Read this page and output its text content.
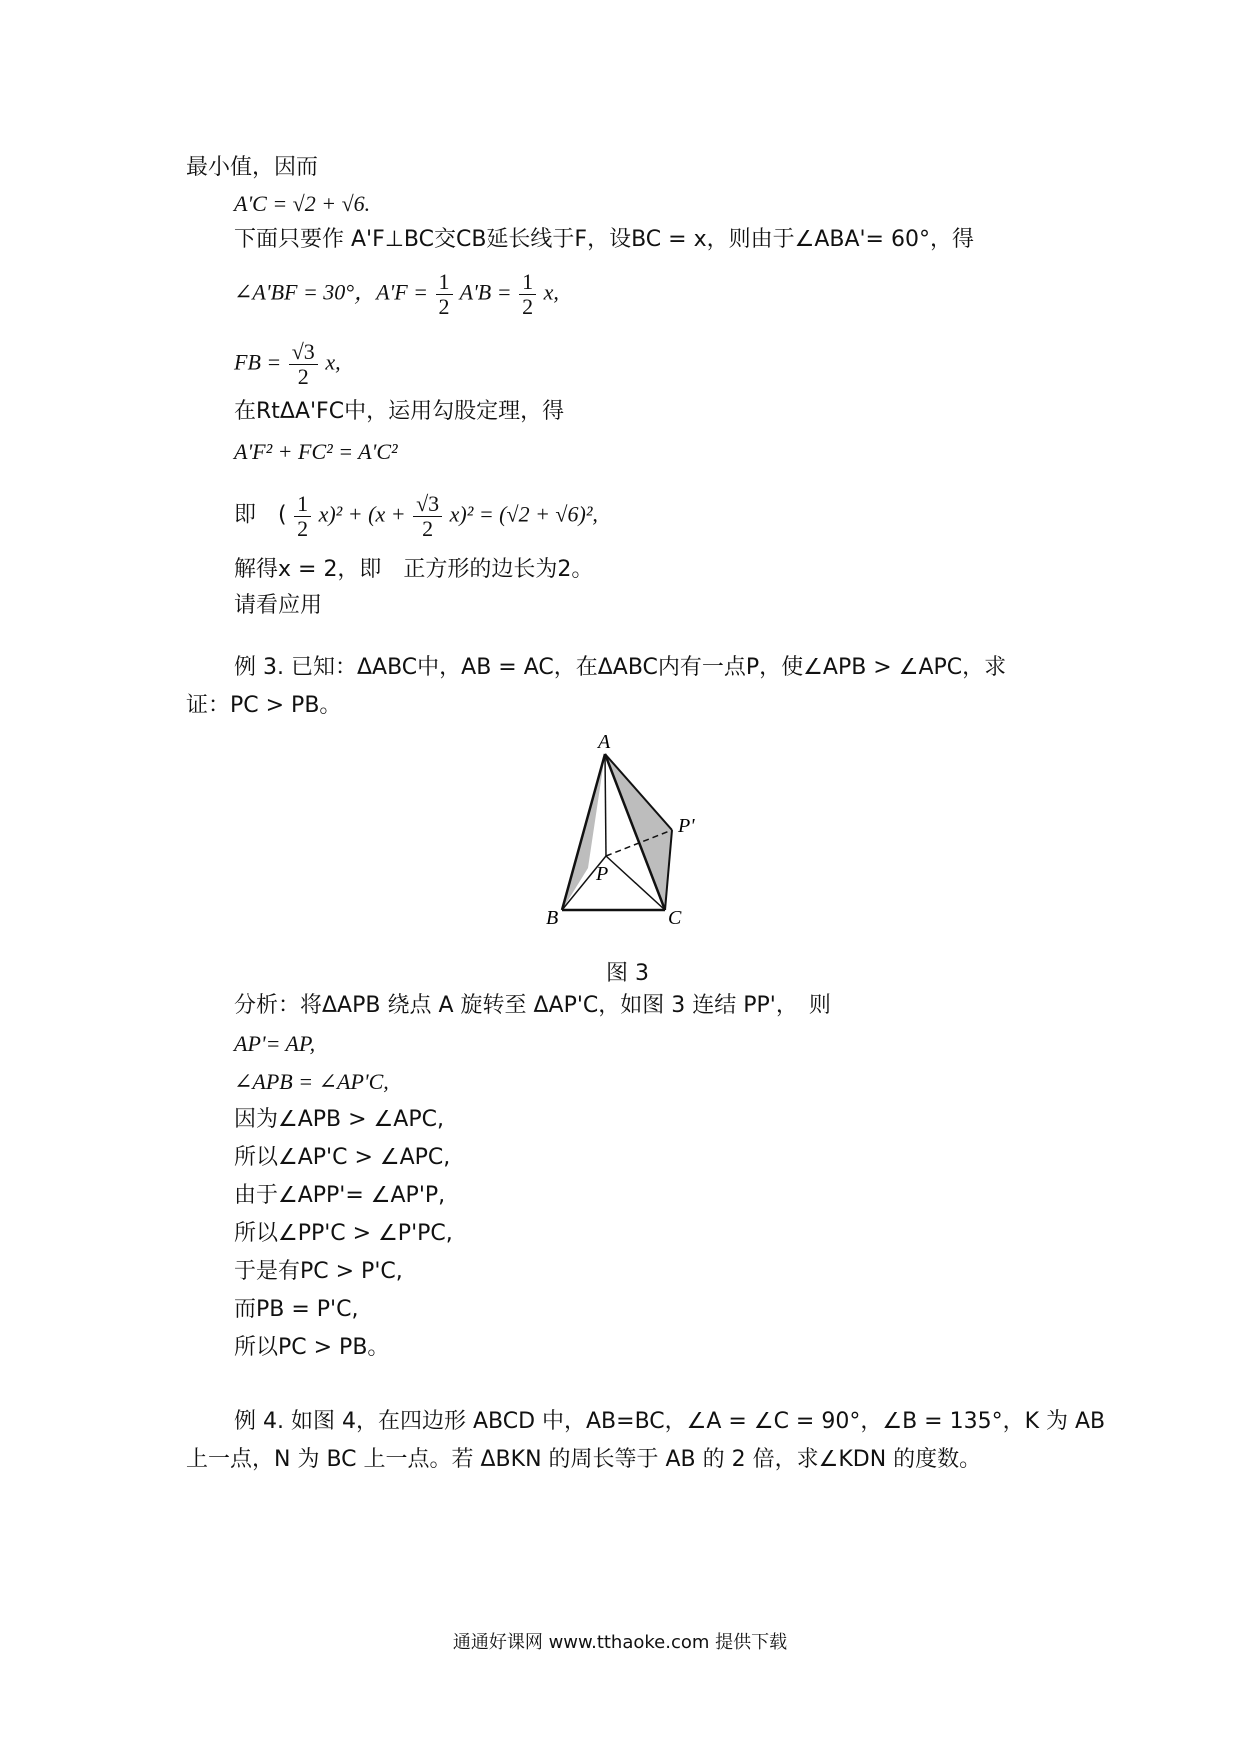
最小值，因而
A'C = √2 + √6.
下面只要作 A'F⊥BC交CB延长线于F，设BC = x，则由于∠ABA'= 60°，得
∠A'BF = 30°，$A'F = \frac{1}{2} A'B = \frac{1}{2} x$,
FB = $\frac{√3}{2} x$,
在RtΔA'FC中，运用勾股定理，得
A'F² + FC² = A'C²
即　( $\frac{1}{2} x)^2 + (x + \frac{√3}{2} x)^2 = (√2 + √6)^2$,
解得x = 2，即　正方形的边长为2。
请看应用
例 3. 已知：ΔABC中，AB = AC，在ΔABC内有一点P，使∠APB > ∠APC，求
证：PC > PB。
A
B	C
P
P'
图 3
分析：将ΔAPB 绕点 A 旋转至 ΔAP'C，如图 3 连结 PP'，　则
AP'= AP,
∠APB = ∠AP'C,
因为∠APB > ∠APC,
所以∠AP'C > ∠APC,
由于∠APP'= ∠AP'P,
所以∠PP'C > ∠P'PC,
于是有PC > P'C,
而PB = P'C,
所以PC > PB。
例 4. 如图 4，在四边形 ABCD 中，AB=BC，∠A = ∠C = 90°，∠B = 135°，K 为 AB
上一点，N 为 BC 上一点。若 ΔBKN 的周长等于 AB 的 2 倍，求∠KDN 的度数。
通通好课网 www.tthaoke.com 提供下载
